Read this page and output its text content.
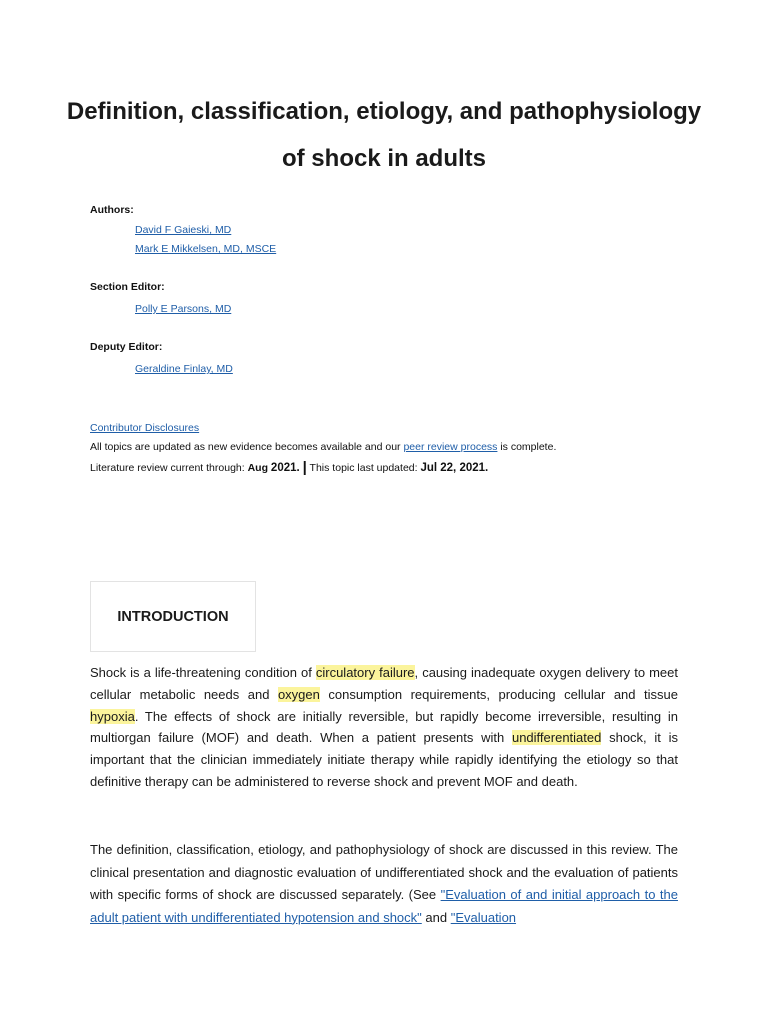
Definition, classification, etiology, and pathophysiology of shock in adults
Authors:
David F Gaieski, MD
Mark E Mikkelsen, MD, MSCE
Section Editor:
Polly E Parsons, MD
Deputy Editor:
Geraldine Finlay, MD
Contributor Disclosures
All topics are updated as new evidence becomes available and our peer review process is complete.
Literature review current through: Aug 2021. | This topic last updated: Jul 22, 2021.
INTRODUCTION

Shock is a life-threatening condition of circulatory failure, causing inadequate oxygen delivery to meet cellular metabolic needs and oxygen consumption requirements, producing cellular and tissue hypoxia. The effects of shock are initially reversible, but rapidly become irreversible, resulting in multiorgan failure (MOF) and death. When a patient presents with undifferentiated shock, it is important that the clinician immediately initiate therapy while rapidly identifying the etiology so that definitive therapy can be administered to reverse shock and prevent MOF and death.

The definition, classification, etiology, and pathophysiology of shock are discussed in this review. The clinical presentation and diagnostic evaluation of undifferentiated shock and the evaluation of patients with specific forms of shock are discussed separately. (See "Evaluation of and initial approach to the adult patient with undifferentiated hypotension and shock" and "Evaluation
